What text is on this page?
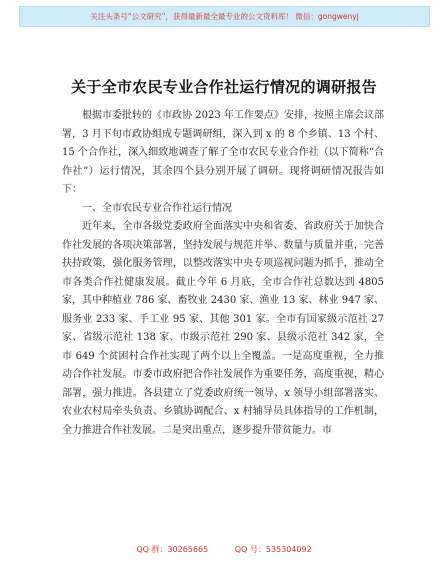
关注头条号“公文研究”，获得最新最全最专业的公文资料库！ 微信：gongwenyj
关于全市农民专业合作社运行情况的调研报告

根据市委批转的《市政协 2023 年工作要点》安排，按照主席会议部署，3 月下旬市政协组成专题调研组，深入到 x 的 8 个乡镇、13 个村、15 个合作社，深入细致地调查了解了全市农民专业合作社（以下简称“合作社”）运行情况，其余四个县分别开展了调研。现将调研情况报告如下：

一、全市农民专业合作社运行情况

近年来，全市各级党委政府全面落实中央和省委、省政府关于加快合作社发展的各项决策部署，坚持发展与规范并举、数量与质量并重，完善扶持政策，强化服务管理，以整改落实中央专项巡视问题为抓手，推动全市各类合作社健康发展。截止今年 6 月底，全市合作社总数达到 4805 家，其中种植业 786 家、畜牧业 2430 家、渔业 13 家、林业 947 家、服务业 233 家、手工业 95 家、其他 301 家。全市有国家级示范社 27 家、省级示范社 138 家、市级示范社 290 家、县级示范社 342 家，全市 649 个贫困村合作社实现了两个以上全覆盖。一是高度重视，全力推动合作社发展。市委市政府把合作社发展作为重要任务，高度重视，精心部署，强力推进。各县建立了党委政府统一领导、x 领导小组部署落实、农业农村局牵头负责、乡镇协调配合、x 村辅导员具体指导的工作机制，全力推进合作社发展。二是突出重点，逐步提升带贫能力。市

QQ 群：30265665	QQ 号：535304092
